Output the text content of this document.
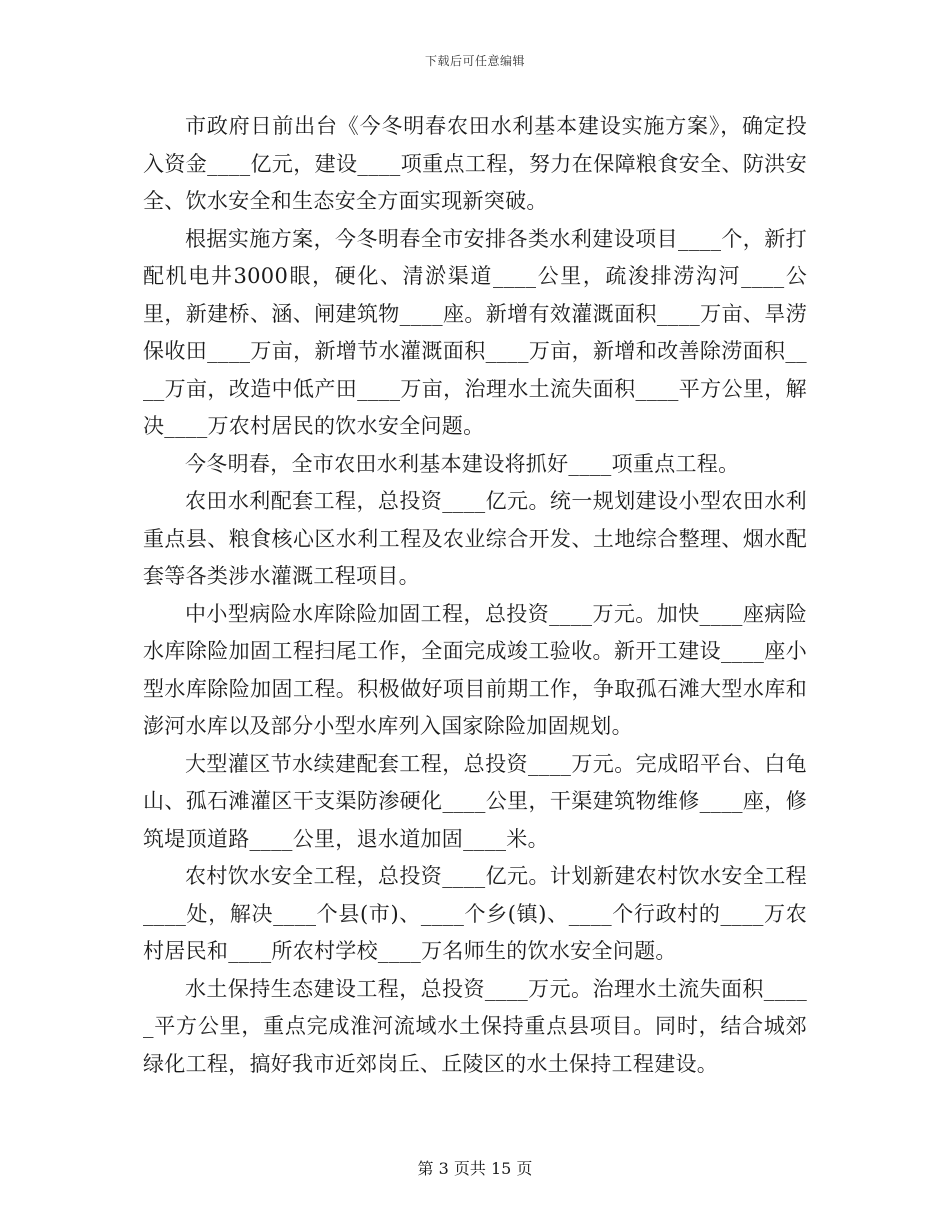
下载后可任意编辑

市政府日前出台《今冬明春农田水利基本建设实施方案》，确定投入资金____亿元，建设____项重点工程，努力在保障粮食安全、防洪安全、饮水安全和生态安全方面实现新突破。

根据实施方案，今冬明春全市安排各类水利建设项目____个，新打配机电井3000眼，硬化、清淤渠道____公里，疏浚排涝沟河____公里，新建桥、涵、闸建筑物____座。新增有效灌溉面积____万亩、旱涝保收田____万亩，新增节水灌溉面积____万亩，新增和改善除涝面积____万亩，改造中低产田____万亩，治理水土流失面积____平方公里，解决____万农村居民的饮水安全问题。

今冬明春，全市农田水利基本建设将抓好____项重点工程。

农田水利配套工程，总投资____亿元。统一规划建设小型农田水利重点县、粮食核心区水利工程及农业综合开发、土地综合整理、烟水配套等各类涉水灌溉工程项目。

中小型病险水库除险加固工程，总投资____万元。加快____座病险水库除险加固工程扫尾工作，全面完成竣工验收。新开工建设____座小型水库除险加固工程。积极做好项目前期工作，争取孤石滩大型水库和澎河水库以及部分小型水库列入国家除险加固规划。

大型灌区节水续建配套工程，总投资____万元。完成昭平台、白龟山、孤石滩灌区干支渠防渗硬化____公里，干渠建筑物维修____座，修筑堤顶道路____公里，退水道加固____米。

农村饮水安全工程，总投资____亿元。计划新建农村饮水安全工程____处，解决____个县(市)、____个乡(镇)、____个行政村的____万农村居民和____所农村学校____万名师生的饮水安全问题。

水土保持生态建设工程，总投资____万元。治理水土流失面积_____平方公里，重点完成淮河流域水土保持重点县项目。同时，结合城郊绿化工程，搞好我市近郊岗丘、丘陵区的水土保持工程建设。

第 3 页共 15 页
